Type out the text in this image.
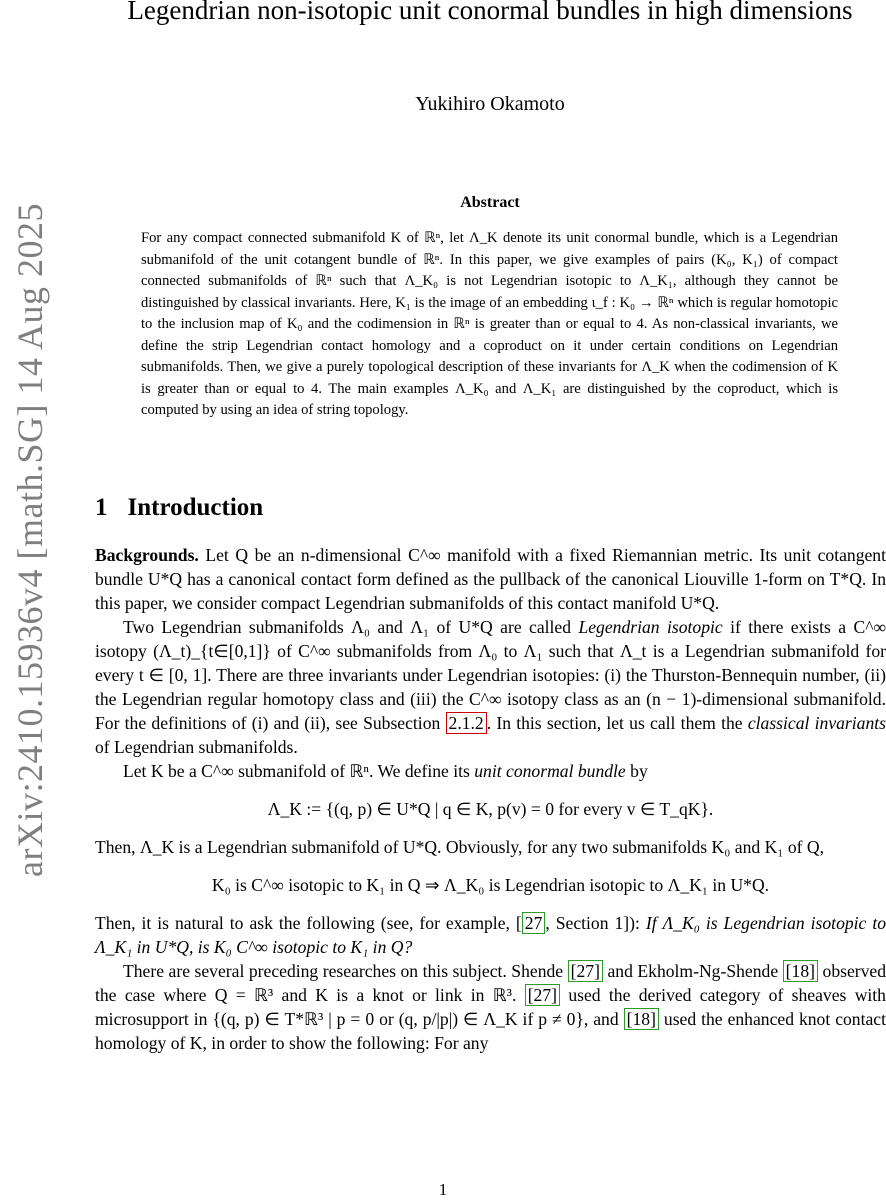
arXiv:2410.15936v4 [math.SG] 14 Aug 2025
Legendrian non-isotopic unit conormal bundles in high dimensions
Yukihiro Okamoto
Abstract

For any compact connected submanifold K of ℝⁿ, let Λ_K denote its unit conormal bundle, which is a Legendrian submanifold of the unit cotangent bundle of ℝⁿ. In this paper, we give examples of pairs (K₀, K₁) of compact connected submanifolds of ℝⁿ such that Λ_K₀ is not Legendrian isotopic to Λ_K₁, although they cannot be distinguished by classical invariants. Here, K₁ is the image of an embedding ι_f : K₀ → ℝⁿ which is regular homotopic to the inclusion map of K₀ and the codimension in ℝⁿ is greater than or equal to 4. As non-classical invariants, we define the strip Legendrian contact homology and a coproduct on it under certain conditions on Legendrian submanifolds. Then, we give a purely topological description of these invariants for Λ_K when the codimension of K is greater than or equal to 4. The main examples Λ_K₀ and Λ_K₁ are distinguished by the coproduct, which is computed by using an idea of string topology.

1 Introduction

Backgrounds. Let Q be an n-dimensional C^∞ manifold with a fixed Riemannian metric. Its unit cotangent bundle U*Q has a canonical contact form defined as the pullback of the canonical Liouville 1-form on T*Q. In this paper, we consider compact Legendrian submanifolds of this contact manifold U*Q.

Two Legendrian submanifolds Λ₀ and Λ₁ of U*Q are called Legendrian isotopic if there exists a C^∞ isotopy (Λ_t)_{t∈[0,1]} of C^∞ submanifolds from Λ₀ to Λ₁ such that Λ_t is a Legendrian submanifold for every t ∈ [0, 1]. There are three invariants under Legendrian isotopies: (i) the Thurston-Bennequin number, (ii) the Legendrian regular homotopy class and (iii) the C^∞ isotopy class as an (n − 1)-dimensional submanifold. For the definitions of (i) and (ii), see Subsection 2.1.2 . In this section, let us call them the classical invariants of Legendrian submanifolds.

Let K be a C^∞ submanifold of ℝⁿ. We define its unit conormal bundle by

Λ_K := {(q, p) ∈ U*Q | q ∈ K, p(v) = 0 for every v ∈ T_qK}.

Then, Λ_K is a Legendrian submanifold of U*Q. Obviously, for any two submanifolds K₀ and K₁ of Q,

K₀ is C^∞ isotopic to K₁ in Q ⇒ Λ_K₀ is Legendrian isotopic to Λ_K₁ in U*Q.

Then, it is natural to ask the following (see, for example, [ 27 , Section 1]): If Λ_K₀ is Legendrian isotopic to Λ_K₁ in U*Q, is K₀ C^∞ isotopic to K₁ in Q?

There are several preceding researches on this subject. Shende [27] and Ekholm-Ng-Shende [18] observed the case where Q = ℝ³ and K is a knot or link in ℝ³. [27] used the derived category of sheaves with microsupport in {(q, p) ∈ T*ℝ³ | p = 0 or (q, p/|p|) ∈ Λ_K if p ≠ 0}, and [18] used the enhanced knot contact homology of K, in order to show the following: For any

1
